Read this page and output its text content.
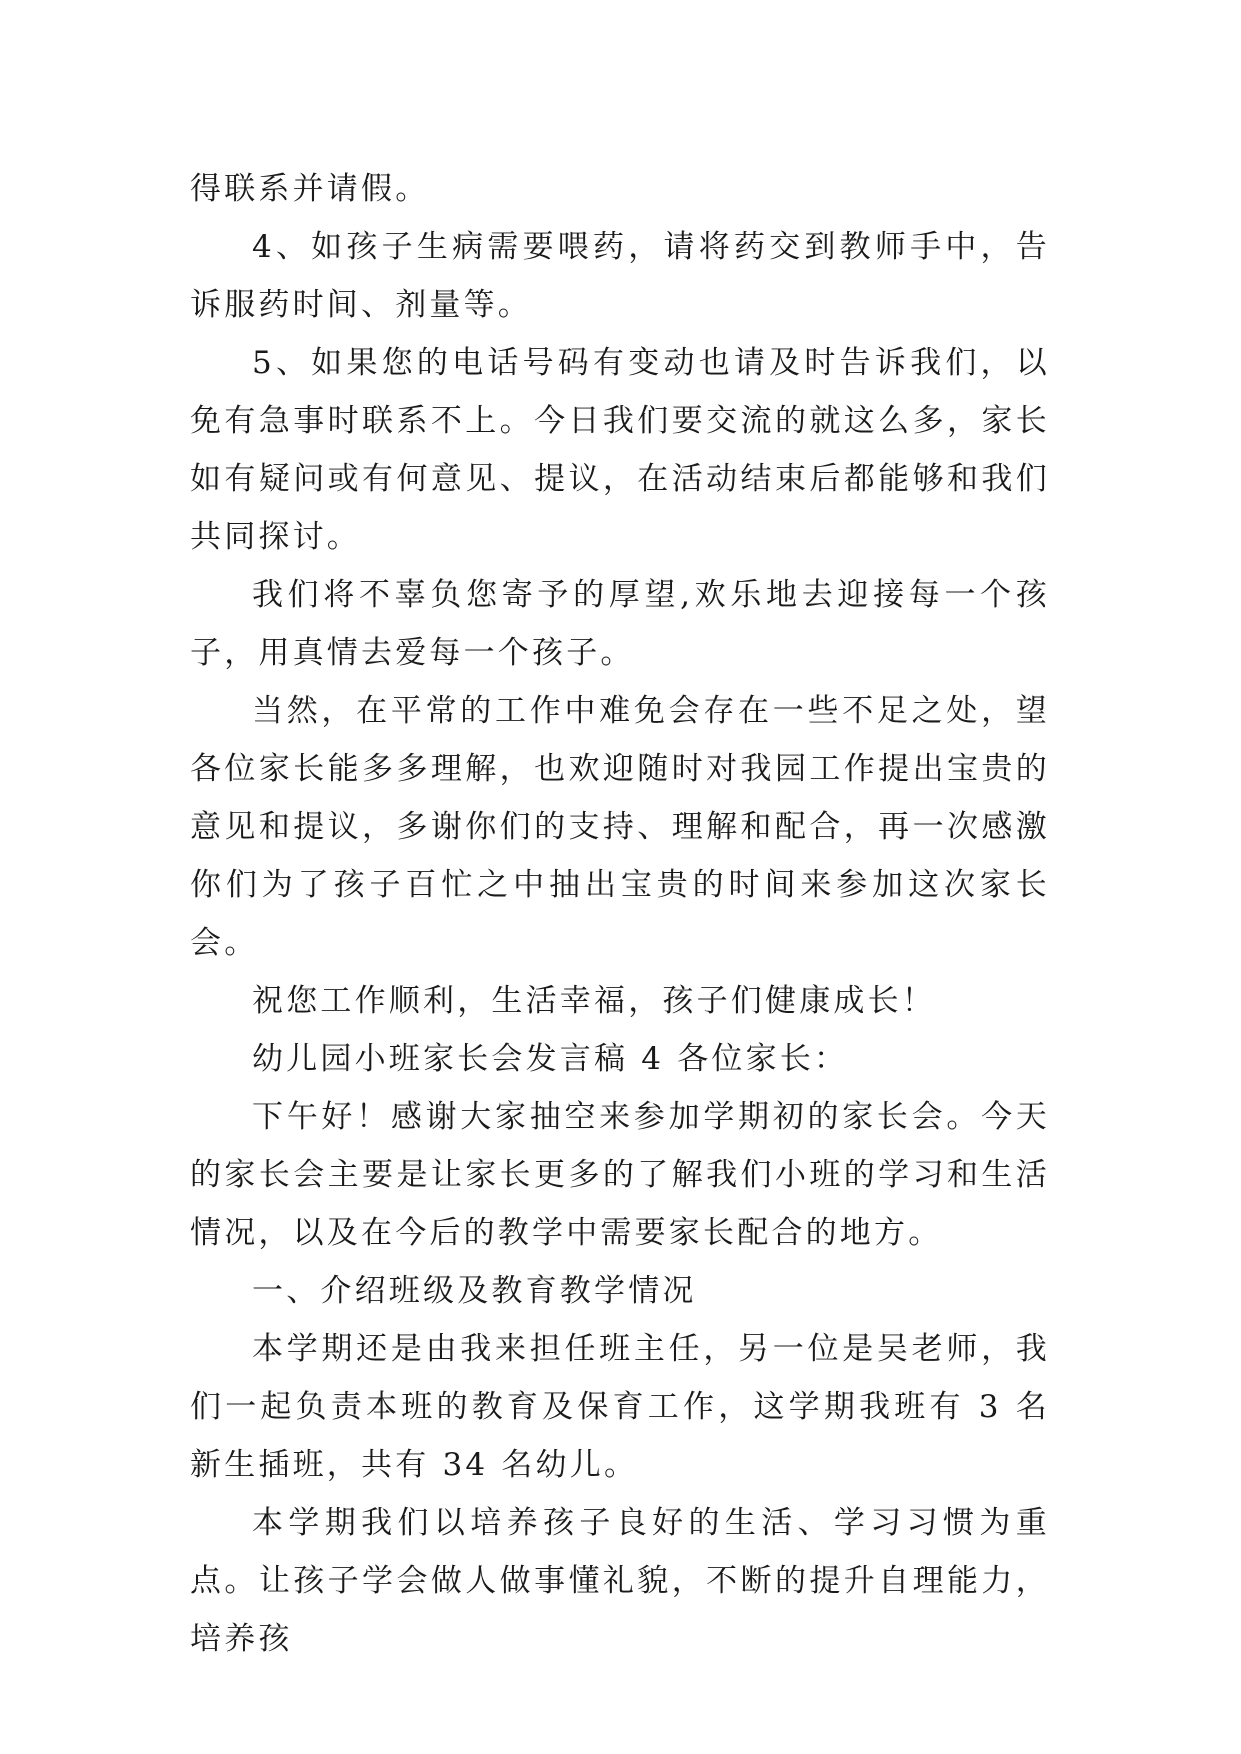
得联系并请假。

4、如孩子生病需要喂药，请将药交到教师手中，告诉服药时间、剂量等。

5、如果您的电话号码有变动也请及时告诉我们，以免有急事时联系不上。今日我们要交流的就这么多，家长如有疑问或有何意见、提议，在活动结束后都能够和我们共同探讨。

我们将不辜负您寄予的厚望,欢乐地去迎接每一个孩子，用真情去爱每一个孩子。

当然，在平常的工作中难免会存在一些不足之处，望各位家长能多多理解，也欢迎随时对我园工作提出宝贵的意见和提议，多谢你们的支持、理解和配合，再一次感激你们为了孩子百忙之中抽出宝贵的时间来参加这次家长会。

祝您工作顺利，生活幸福，孩子们健康成长！

幼儿园小班家长会发言稿 4 各位家长：

下午好！感谢大家抽空来参加学期初的家长会。今天的家长会主要是让家长更多的了解我们小班的学习和生活情况，以及在今后的教学中需要家长配合的地方。

一、介绍班级及教育教学情况

本学期还是由我来担任班主任，另一位是吴老师，我们一起负责本班的教育及保育工作，这学期我班有 3 名新生插班，共有 34 名幼儿。

本学期我们以培养孩子良好的生活、学习习惯为重点。让孩子学会做人做事懂礼貌，不断的提升自理能力，培养孩
